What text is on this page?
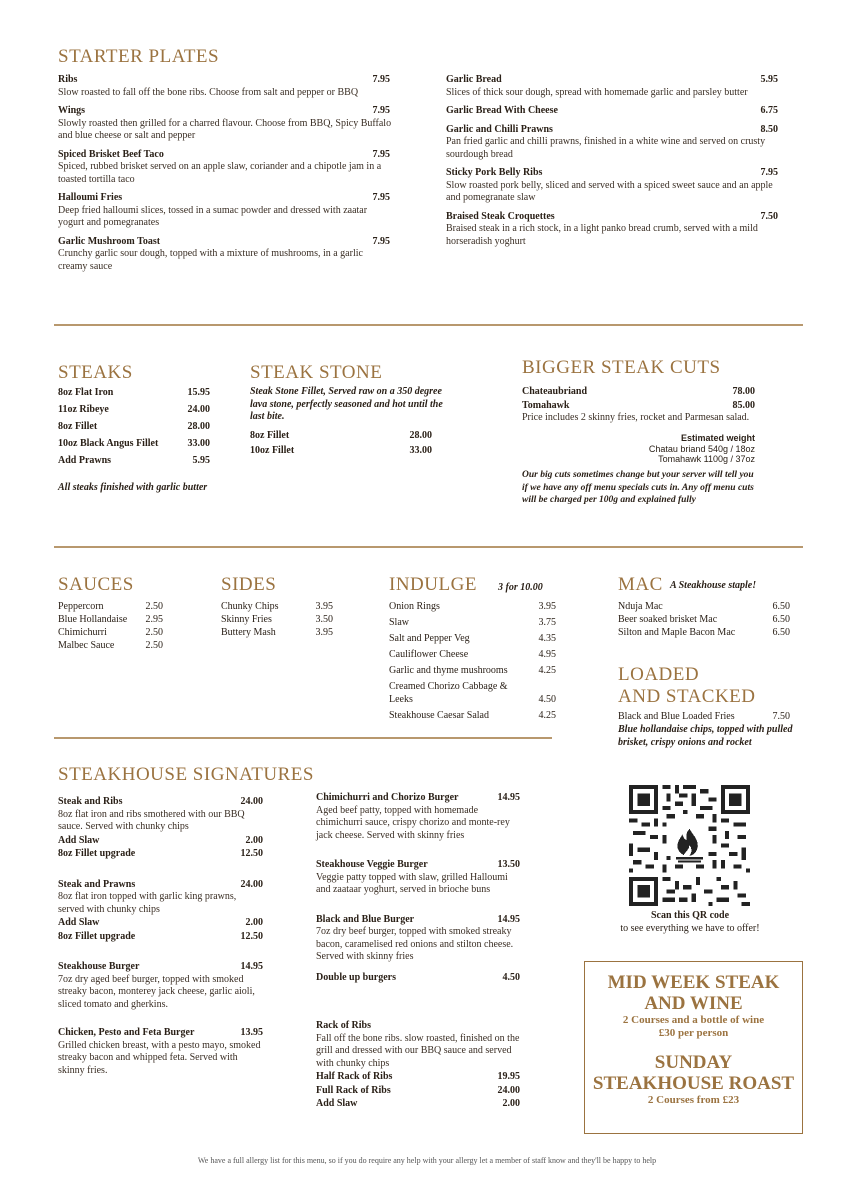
STARTER PLATES
Ribs	7.95
Slow roasted to fall off the bone ribs. Choose from salt and pepper or BBQ
Wings	7.95
Slowly roasted then grilled for a charred flavour. Choose from BBQ, Spicy Buffalo and blue cheese or salt and pepper
Spiced Brisket Beef Taco	7.95
Spiced, rubbed brisket served on an apple slaw, coriander and a chipotle jam in a toasted tortilla taco
Halloumi Fries	7.95
Deep fried halloumi slices, tossed in a sumac powder and dressed with zaatar yogurt and pomegranates
Garlic Mushroom Toast	7.95
Crunchy garlic sour dough, topped with a mixture of mushrooms, in a garlic creamy sauce
Garlic Bread	5.95
Slices of thick sour dough, spread with homemade garlic and parsley butter
Garlic Bread With Cheese	6.75
Garlic and Chilli Prawns	8.50
Pan fried garlic and chilli prawns, finished in a white wine and served on crusty sourdough bread
Sticky Pork Belly Ribs	7.95
Slow roasted pork belly, sliced and served with a spiced sweet sauce and an apple and pomegranate slaw
Braised Steak Croquettes	7.50
Braised steak in a rich stock, in a light panko bread crumb, served with a mild horseradish yoghurt
STEAKS
8oz Flat Iron	15.95
11oz Ribeye	24.00
8oz Fillet	28.00
10oz Black Angus Fillet	33.00
Add Prawns	5.95
All steaks finished with garlic butter
STEAK STONE
Steak Stone Fillet, Served raw on a 350 degree lava stone, perfectly seasoned and hot until the last bite.
8oz Fillet	28.00
10oz Fillet	33.00
BIGGER STEAK CUTS
Chateaubriand	78.00
Tomahawk	85.00
Price includes 2 skinny fries, rocket and Parmesan salad.
Estimated weight
Chatau briand 540g / 18oz
Tomahawk 1100g / 37oz
Our big cuts sometimes change but your server will tell you if we have any off menu specials cuts in. Any off menu cuts will be charged per 100g and explained fully
SAUCES
Peppercorn	2.50
Blue Hollandaise 2.95
Chimichurri	2.50
Malbec Sauce	2.50
SIDES
Chunky Chips	3.95
Skinny Fries	3.50
Buttery Mash	3.95
INDULGE 3 for 10.00
Onion Rings	3.95
Slaw	3.75
Salt and Pepper Veg	4.35
Cauliflower Cheese	4.95
Garlic and thyme mushrooms	4.25
Creamed Chorizo Cabbage & Leeks	4.50
Steakhouse Caesar Salad	4.25
MAC A Steakhouse staple!
Nduja Mac	6.50
Beer soaked brisket Mac	6.50
Silton and Maple Bacon Mac	6.50
LOADED
AND STACKED
Black and Blue Loaded Fries	7.50
Blue hollandaise chips, topped with pulled brisket, crispy onions and rocket
STEAKHOUSE SIGNATURES
Steak and Ribs	24.00
8oz flat iron and ribs smothered with our BBQ sauce. Served with chunky chips
Add Slaw	2.00
8oz Fillet upgrade	12.50
Steak and Prawns	24.00
8oz flat iron topped with garlic king prawns, served with chunky chips
Add Slaw	2.00
8oz Fillet upgrade	12.50
Steakhouse Burger	14.95
7oz dry aged beef burger, topped with smoked streaky bacon, monterey jack cheese, garlic aioli, sliced tomato and gherkins.
Chicken, Pesto and Feta Burger	13.95
Grilled chicken breast, with a pesto mayo, smoked streaky bacon and whipped feta. Served with skinny fries.
Chimichurri and Chorizo Burger	14.95
Aged beef patty, topped with homemade chimichurri sauce, crispy chorizo and monte-rey jack cheese. Served with skinny fries
Steakhouse Veggie Burger	13.50
Veggie patty topped with slaw, grilled Halloumi and zaataar yoghurt, served in brioche buns
Black and Blue Burger	14.95
7oz dry beef burger, topped with smoked streaky bacon, caramelised red onions and stilton cheese. Served with skinny fries
Double up burgers	4.50
Rack of Ribs
Fall off the bone ribs. slow roasted, finished on the grill and dressed with our BBQ sauce and served with chunky chips
Half Rack of Ribs	19.95
Full Rack of Ribs	24.00
Add Slaw	2.00
Scan this QR code
to see everything we have to offer!
MID WEEK STEAK
AND WINE
2 Courses and a bottle of wine
£30 per person
SUNDAY
STEAKHOUSE ROAST
2 Courses from £23
We have a full allergy list for this menu, so if you do require any help with your allergy let a member of staff know and they'll be happy to help
